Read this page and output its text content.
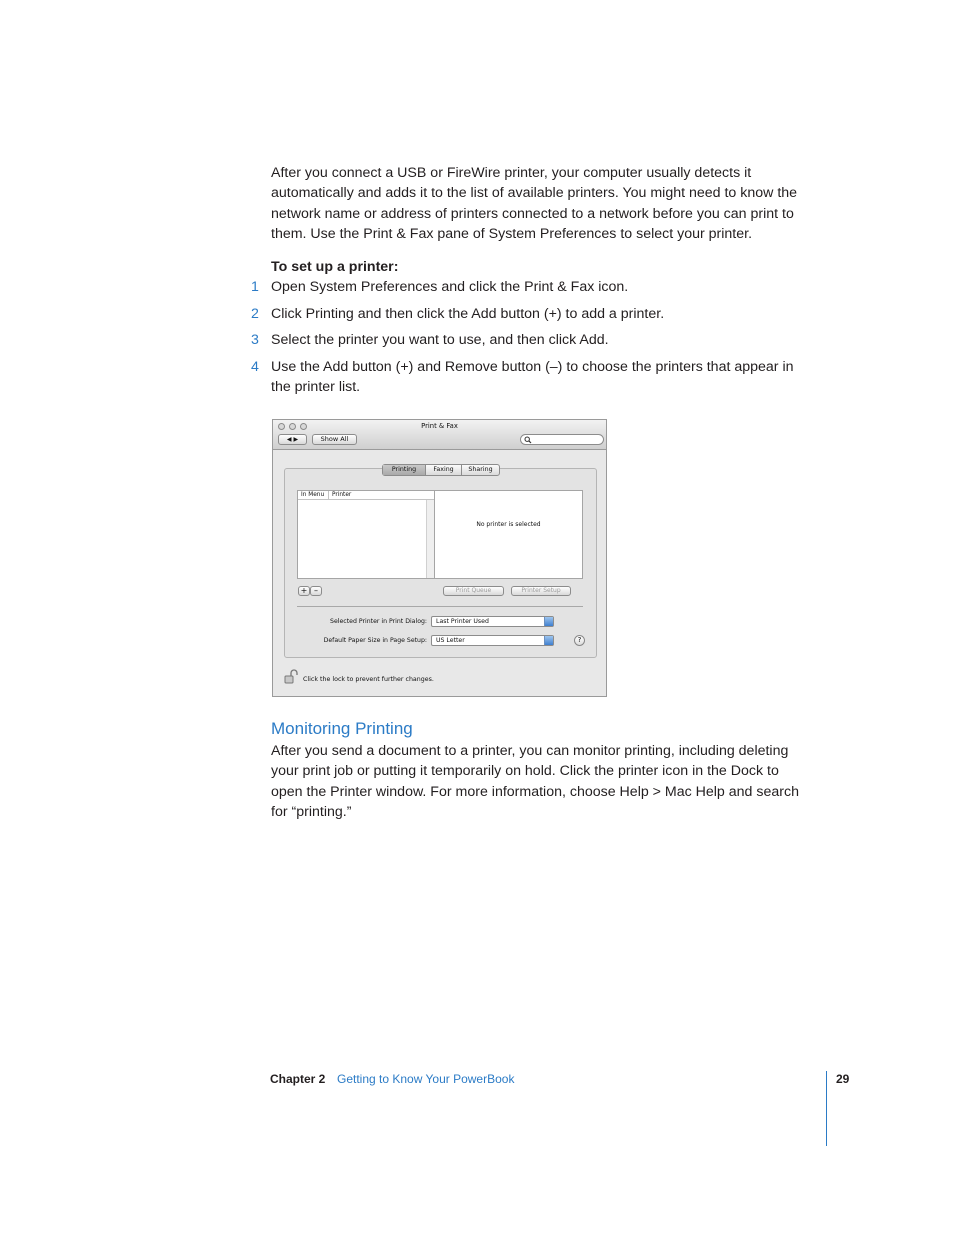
After you connect a USB or FireWire printer, your computer usually detects it
automatically and adds it to the list of available printers. You might need to know the
network name or address of printers connected to a network before you can print to
them. Use the Print & Fax pane of System Preferences to select your printer.
To set up a printer:
1 Open System Preferences and click the Print & Fax icon.
2 Click Printing and then click the Add button (+) to add a printer.
3 Select the printer you want to use, and then click Add.
4 Use the Add button (+) and Remove button (–) to choose the printers that appear in
the printer list.
Print & Fax
◀ ▶	Show All
Printing	Faxing	Sharing
In Menu	Printer
No printer is selected
+ –	Print Queue	Printer Setup
Selected Printer in Print Dialog:	Last Printer Used
Default Paper Size in Page Setup:	US Letter	?
Click the lock to prevent further changes.
Monitoring Printing
After you send a document to a printer, you can monitor printing, including deleting
your print job or putting it temporarily on hold. Click the printer icon in the Dock to
open the Printer window. For more information, choose Help > Mac Help and search
for “printing.”
Chapter 2 Getting to Know Your PowerBook	29
